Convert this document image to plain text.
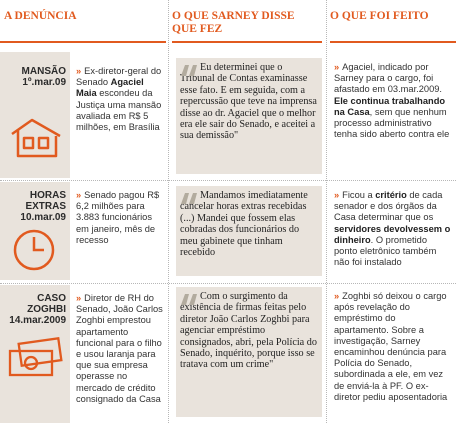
A DENÚNCIA	O QUE SARNEY DISSE QUE FEZ
O QUE FOI FEITO
MANSÃO
1º.mar.09
» Ex-diretor-geral do Senado Agaciel Maia escondeu da Justiça uma mansão avaliada em R$ 5 milhões, em Brasília
Eu determinei que o Tribunal de Contas examinasse esse fato. E em seguida, com a repercussão que teve na imprensa disse ao dr. Agaciel que o melhor era ele sair do Senado, e aceitei a sua demissão"
» Agaciel, indicado por Sarney para o cargo, foi afastado em 03.mar.2009. Ele continua trabalhando na Casa, sem que nenhum processo administrativo tenha sido aberto contra ele
HORAS EXTRAS
10.mar.09
» Senado pagou R$ 6,2 milhões para 3.883 funcionários em janeiro, mês de recesso
Mandamos imediatamente cancelar horas extras recebidas (...) Mandei que fossem elas cobradas dos funcionários do meu gabinete que tinham recebido
» Ficou a critério de cada senador e dos órgãos da Casa determinar que os servidores devolvessem o dinheiro. O prometido ponto eletrônico também não foi instalado
CASO ZOGHBI
14.mar.2009
» Diretor de RH do Senado, João Carlos Zoghbi emprestou apartamento funcional para o filho e usou laranja para que sua empresa operasse no mercado de crédito consignado da Casa
Com o surgimento da existência de firmas feitas pelo diretor João Carlos Zoghbi para agenciar empréstimo consignados, abri, pela Polícia do Senado, inquérito, porque isso se tratava com um crime"
» Zoghbi só deixou o cargo após revelação do empréstimo do apartamento. Sobre a investigação, Sarney encaminhou denúncia para Polícia do Senado, subordinada a ele, em vez de enviá-la à PF. O ex-diretor pediu aposentadoria
